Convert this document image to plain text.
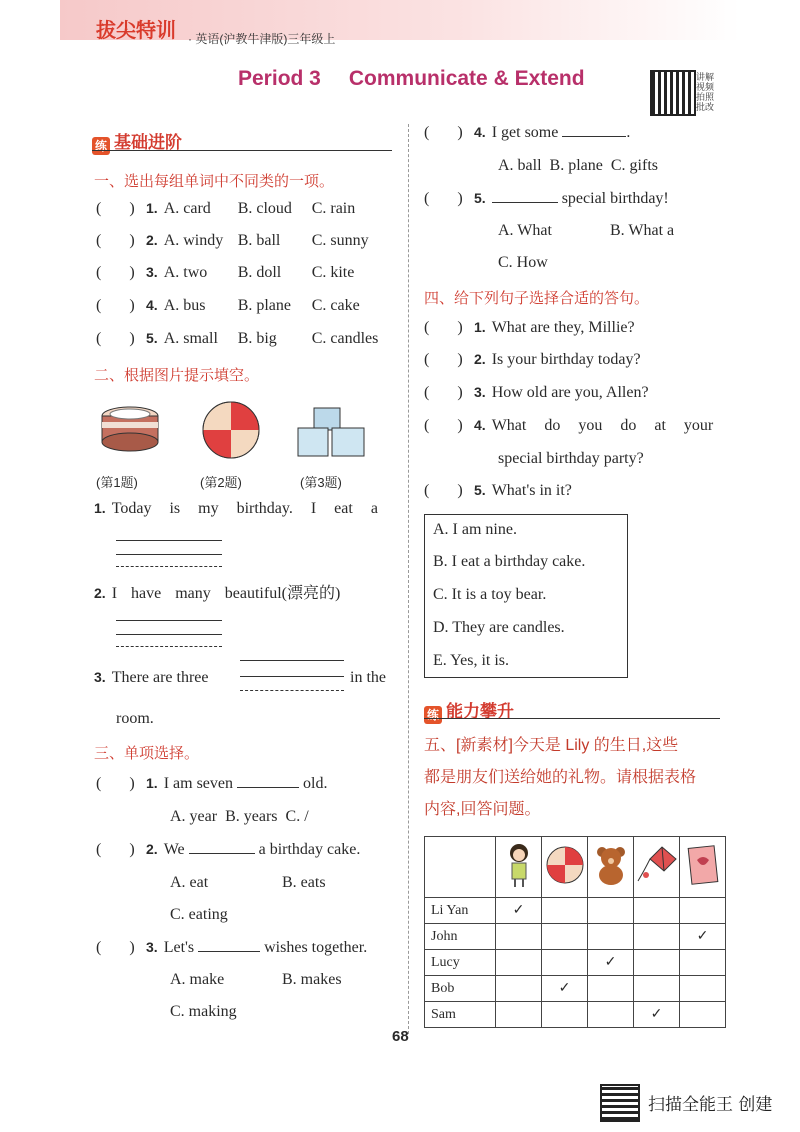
拔尖特训 · 英语(沪教牛津版)三年级上
Period 3 Communicate & Extend	讲解视频拍照批改
练 基础进阶
一、选出每组单词中不同类的一项。
( ) 1. A. card B. cloud C. rain
( ) 2. A. windy B. ball C. sunny
( ) 3. A. two B. doll C. kite
( ) 4. A. bus B. plane C. cake
( ) 5. A. small B. big C. candles
二、根据图片提示填空。
(第1题)	(第2题)	(第3题)
1. Today is my birthday. I eat a
2. I have many beautiful(漂亮的)
3. There are three	in the
room.
三、单项选择。
( ) 1. I am seven	old.
A. year B. years C. /
( ) 2. We	a birthday cake.
A. eat	B. eats
C. eating
( ) 3. Let's	wishes together.
A. make	B. makes
C. making
( ) 4. I get some	.
A. ball B. plane C. gifts
( ) 5.	special birthday!
A. What	B. What a
C. How
四、给下列句子选择合适的答句。
( ) 1. What are they, Millie?
( ) 2. Is your birthday today?
( ) 3. How old are you, Allen?
( ) 4. What do you do at your
special birthday party?
( ) 5. What's in it?
A. I am nine.
B. I eat a birthday cake.
C. It is a toy bear.
D. They are candles.
E. Yes, it is.
练 能力攀升
五、[新素材]今天是 Lily 的生日,这些
都是朋友们送给她的礼物。请根据表格
内容,回答问题。

Li Yan	✓				
John					✓
Lucy			✓		
Bob		✓			
Sam				✓	
68
扫描全能王 创建
